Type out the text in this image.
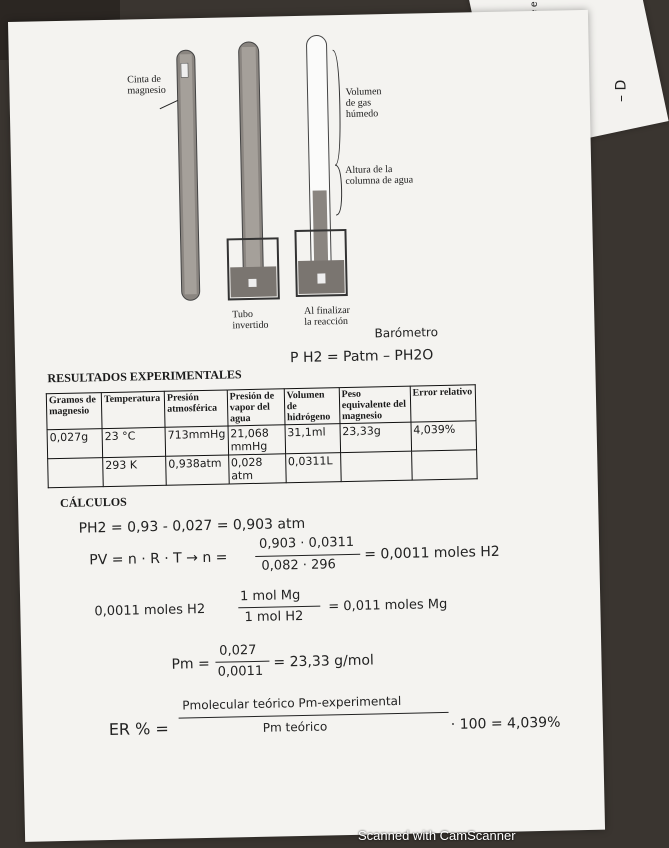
– D
Cinta de
magnesio	Volumen
de gas
húmedo
Altura de la
columna de agua
Tubo
invertido
Al finalizar
la reacción
Barómetro
P H2 = Patm – PH2O
RESULTADOS EXPERIMENTALES
Gramos de magnesio	Temperatura	Presión atmosférica	Presión de vapor del agua	Volumen de hidrógeno	Peso equivalente del magnesio	Error relativo
0,027g	23 °C	713mmHg	21,068 mmHg	31,1ml	23,33g	4,039%
	293 K	0,938atm	0,028 atm	0,0311L		
CÁLCULOS
PH2 = 0,93 - 0,027 = 0,903 atm
PV = n · R · T → n =
0,903 · 0,0311
0,082 · 296
= 0,0011 moles H2
0,0011 moles H2
1 mol Mg
1 mol H2
= 0,011 moles Mg
Pm =
0,027
0,0011
= 23,33 g/mol
ER % =
Pmolecular teórico Pm-experimental
Pm teórico	· 100 = 4,039%
Scanned with CamScanner
